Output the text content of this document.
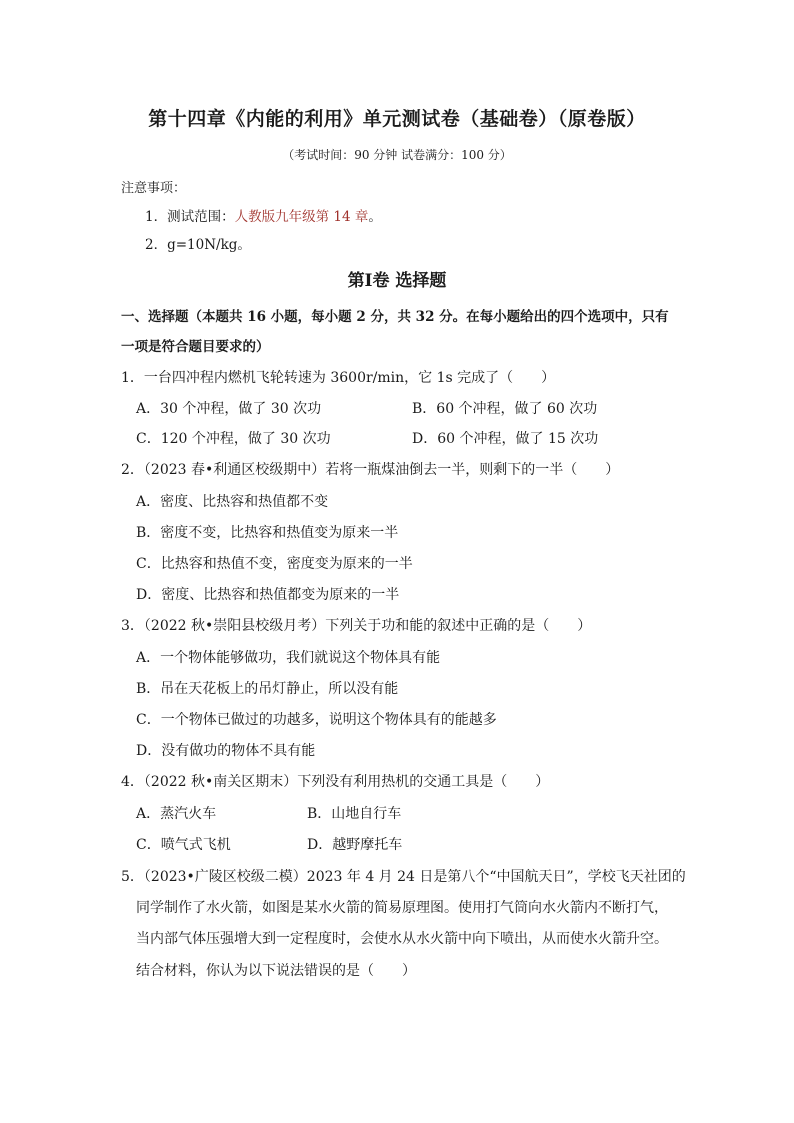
第十四章《内能的利用》单元测试卷（基础卷）（原卷版）
（考试时间：90 分钟 试卷满分：100 分）
注意事项：
1．测试范围：人教版九年级第 14 章。
2．g=10N/kg。
第Ⅰ卷 选择题
一、选择题（本题共 16 小题，每小题 2 分，共 32 分。在每小题给出的四个选项中，只有
一项是符合题目要求的）
1．一台四冲程内燃机飞轮转速为 3600r/min，它 1s 完成了（　　）
A．30 个冲程，做了 30 次功	B．60 个冲程，做了 60 次功
C．120 个冲程，做了 30 次功	D．60 个冲程，做了 15 次功
2．（2023 春•利通区校级期中）若将一瓶煤油倒去一半，则剩下的一半（　　）
A．密度、比热容和热值都不变
B．密度不变，比热容和热值变为原来一半
C．比热容和热值不变，密度变为原来的一半
D．密度、比热容和热值都变为原来的一半
3．（2022 秋•崇阳县校级月考）下列关于功和能的叙述中正确的是（　　）
A．一个物体能够做功，我们就说这个物体具有能
B．吊在天花板上的吊灯静止，所以没有能
C．一个物体已做过的功越多，说明这个物体具有的能越多
D．没有做功的物体不具有能
4．（2022 秋•南关区期末）下列没有利用热机的交通工具是（　　）
A．蒸汽火车	B．山地自行车
C．喷气式飞机	D．越野摩托车
5．（2023•广陵区校级二模）2023 年 4 月 24 日是第八个“中国航天日”，学校飞天社团的
同学制作了水火箭，如图是某水火箭的简易原理图。使用打气筒向水火箭内不断打气，
当内部气体压强增大到一定程度时，会使水从水火箭中向下喷出，从而使水火箭升空。
结合材料，你认为以下说法错误的是（　　）
